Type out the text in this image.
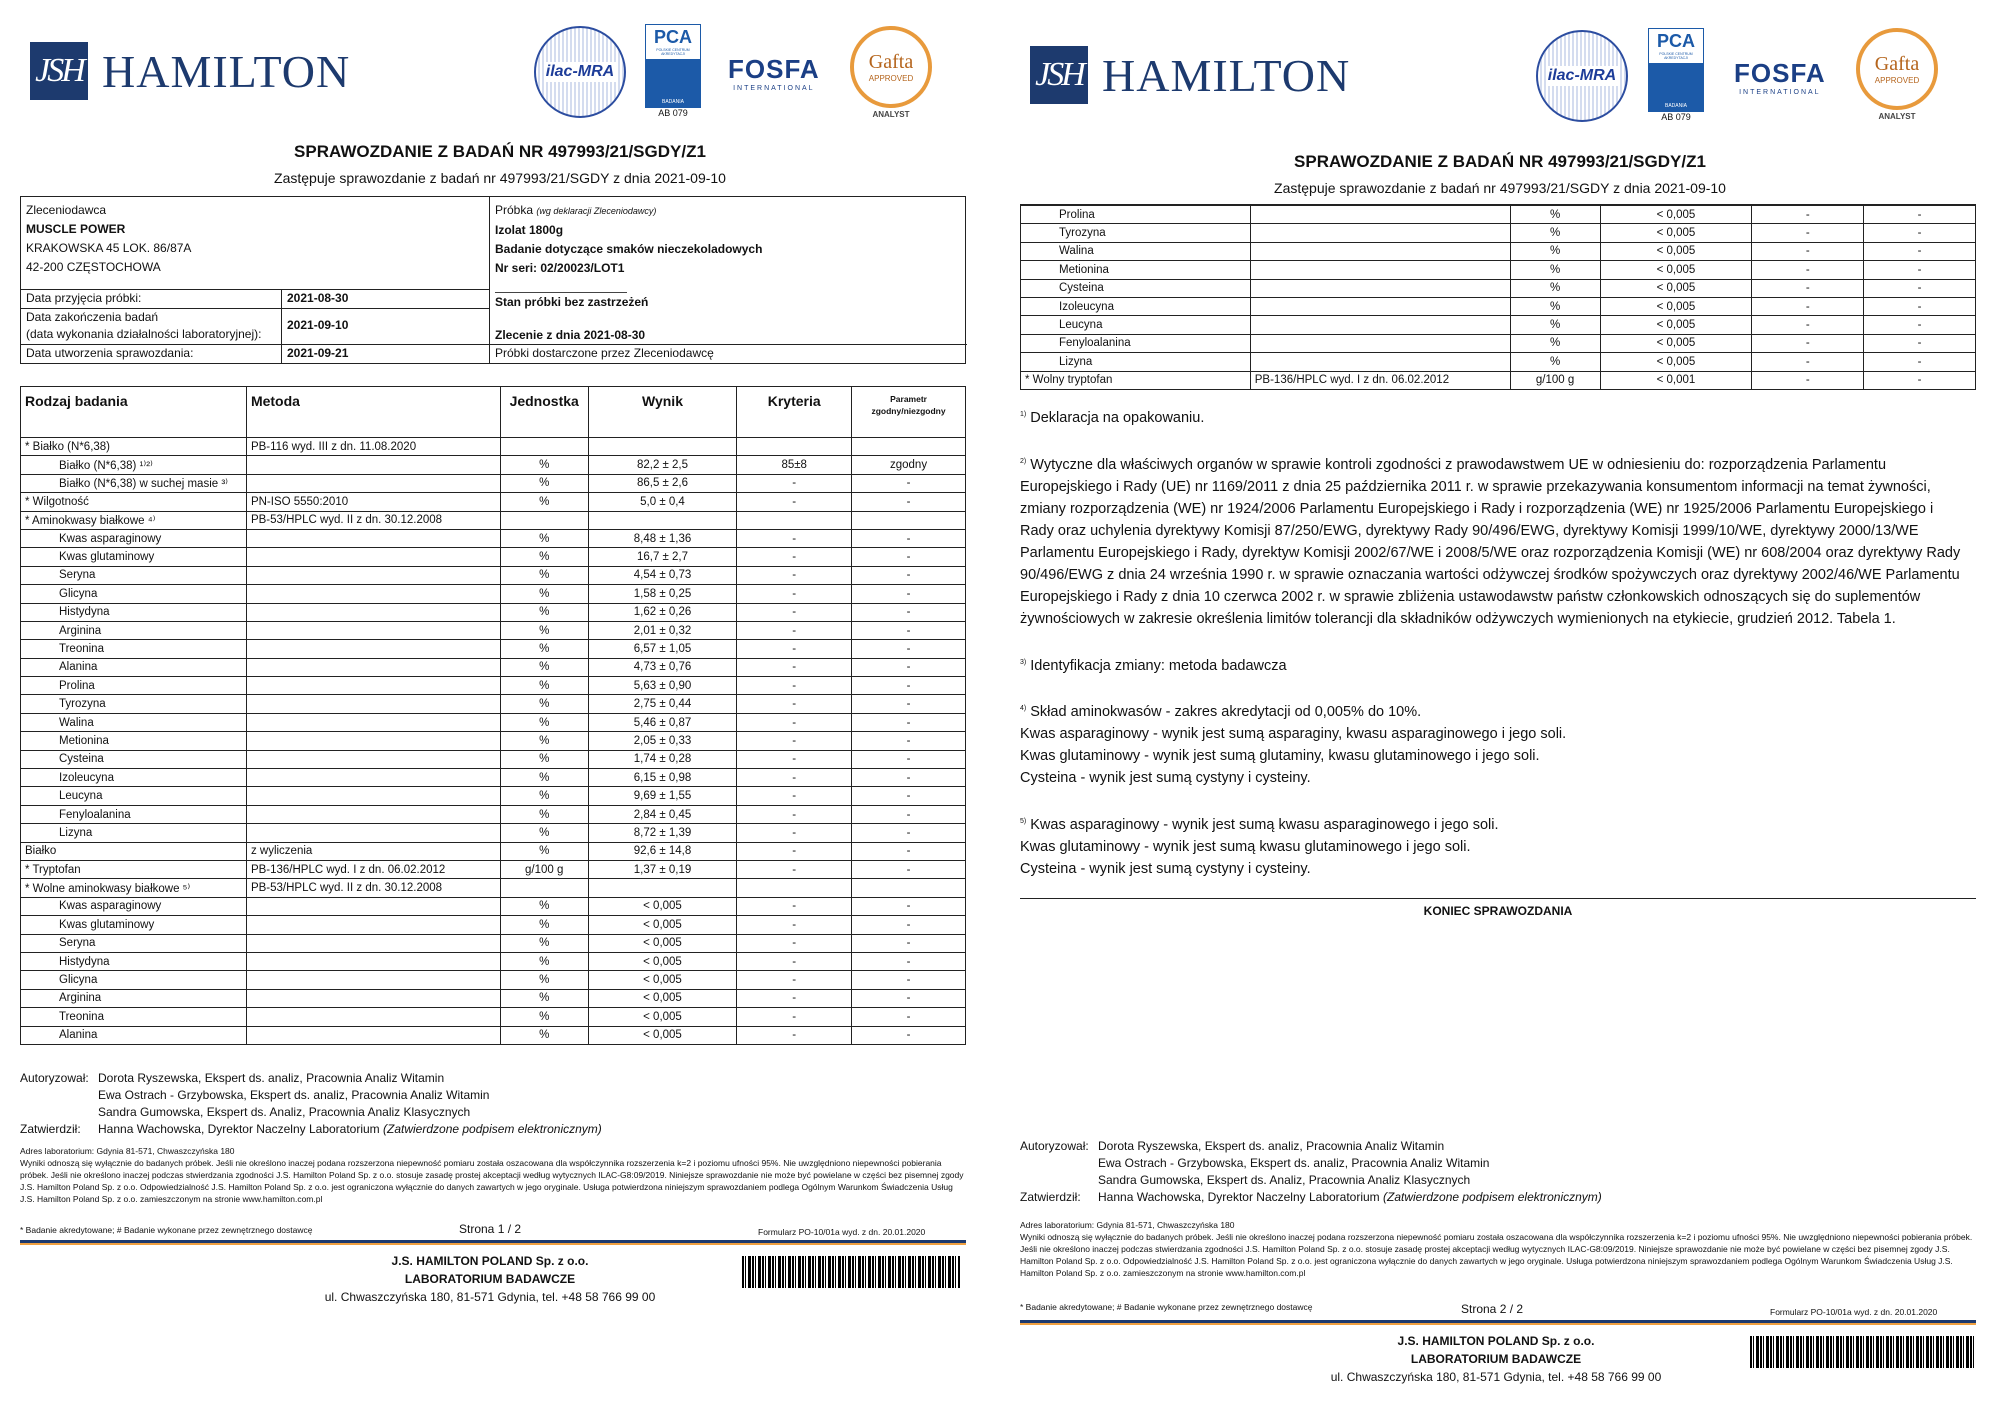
JSH HAMILTON	ilac-MRA
PCA
POLSKIE CENTRUM AKREDYTACJI
BADANIA
AB 079
FOSFA
INTERNATIONAL
Gafta
APPROVED
ANALYST
SPRAWOZDANIE Z BADAŃ NR 497993/21/SGDY/Z1
Zastępuje sprawozdanie z badań nr 497993/21/SGDY z dnia 2021-09-10
Zleceniodawca
MUSCLE POWER
KRAKOWSKA 45 LOK. 86/87A
42-200 CZĘSTOCHOWA
Data przyjęcia próbki:	2021-08-30
Data zakończenia badań
(data wykonania działalności laboratoryjnej):
2021-09-10
Data utworzenia sprawozdania:	2021-09-21
Próbka (wg deklaracji Zleceniodawcy)
Izolat 1800g
Badanie dotyczące smaków nieczekoladowych
Nr seri: 02/20023/LOT1
Stan próbki bez zastrzeżeń
Zlecenie z dnia 2021-08-30
Próbki dostarczone przez Zleceniodawcę
Rodzaj badania	Metoda	Jednostka	Wynik	Kryteria	Parametr
zgodny/niezgodny
* Białko (N*6,38)	PB-116 wyd. III z dn. 11.08.2020				
Białko (N*6,38) ¹⁾²⁾		%	82,2 ± 2,5	85±8	zgodny
Białko (N*6,38) w suchej masie ³⁾		%	86,5 ± 2,6	-	-
* Wilgotność	PN-ISO 5550:2010	%	5,0 ± 0,4	-	-
* Aminokwasy białkowe ⁴⁾	PB-53/HPLC wyd. II z dn. 30.12.2008				
Kwas asparaginowy		%	8,48 ± 1,36	-	-
Kwas glutaminowy		%	16,7 ± 2,7	-	-
Seryna		%	4,54 ± 0,73	-	-
Glicyna		%	1,58 ± 0,25	-	-
Histydyna		%	1,62 ± 0,26	-	-
Arginina		%	2,01 ± 0,32	-	-
Treonina		%	6,57 ± 1,05	-	-
Alanina		%	4,73 ± 0,76	-	-
Prolina		%	5,63 ± 0,90	-	-
Tyrozyna		%	2,75 ± 0,44	-	-
Walina		%	5,46 ± 0,87	-	-
Metionina		%	2,05 ± 0,33	-	-
Cysteina		%	1,74 ± 0,28	-	-
Izoleucyna		%	6,15 ± 0,98	-	-
Leucyna		%	9,69 ± 1,55	-	-
Fenyloalanina		%	2,84 ± 0,45	-	-
Lizyna		%	8,72 ± 1,39	-	-
Białko	z wyliczenia	%	92,6 ± 14,8	-	-
* Tryptofan	PB-136/HPLC wyd. I z dn. 06.02.2012	g/100 g	1,37 ± 0,19	-	-
* Wolne aminokwasy białkowe ⁵⁾	PB-53/HPLC wyd. II z dn. 30.12.2008				
Kwas asparaginowy		%	< 0,005	-	-
Kwas glutaminowy		%	< 0,005	-	-
Seryna		%	< 0,005	-	-
Histydyna		%	< 0,005	-	-
Glicyna		%	< 0,005	-	-
Arginina		%	< 0,005	-	-
Treonina		%	< 0,005	-	-
Alanina		%	< 0,005	-	-
Autoryzował: Dorota Ryszewska, Ekspert ds. analiz, Pracownia Analiz Witamin
Ewa Ostrach - Grzybowska, Ekspert ds. analiz, Pracownia Analiz Witamin
Sandra Gumowska, Ekspert ds. Analiz, Pracownia Analiz Klasycznych
Zatwierdził: Hanna Wachowska, Dyrektor Naczelny Laboratorium (Zatwierdzone podpisem elektronicznym)
Adres laboratorium: Gdynia 81-571, Chwaszczyńska 180
Wyniki odnoszą się wyłącznie do badanych próbek. Jeśli nie określono inaczej podana rozszerzona niepewność pomiaru została oszacowana dla współczynnika rozszerzenia k=2 i poziomu ufności 95%. Nie uwzględniono niepewności pobierania próbek. Jeśli nie określono inaczej podczas stwierdzania zgodności J.S. Hamilton Poland Sp. z o.o. stosuje zasadę prostej akceptacji według wytycznych ILAC-G8:09/2019. Niniejsze sprawozdanie nie może być powielane w części bez pisemnej zgody J.S. Hamilton Poland Sp. z o.o. Odpowiedzialność J.S. Hamilton Poland Sp. z o.o. jest ograniczona wyłącznie do danych zawartych w jego oryginale. Usługa potwierdzona niniejszym sprawozdaniem podlega Ogólnym Warunkom Świadczenia Usług J.S. Hamilton Poland Sp. z o.o. zamieszczonym na stronie www.hamilton.com.pl
* Badanie akredytowane; # Badanie wykonane przez zewnętrznego dostawcę	Strona 1 / 2	Formularz PO-10/01a wyd. z dn. 20.01.2020
J.S. HAMILTON POLAND Sp. z o.o.
LABORATORIUM BADAWCZE
ul. Chwaszczyńska 180, 81-571 Gdynia, tel. +48 58 766 99 00
JSH HAMILTON	ilac-MRA
PCA
POLSKIE CENTRUM AKREDYTACJI
BADANIA
AB 079
FOSFA
INTERNATIONAL
Gafta
APPROVED
ANALYST
SPRAWOZDANIE Z BADAŃ NR 497993/21/SGDY/Z1
Zastępuje sprawozdanie z badań nr 497993/21/SGDY z dnia 2021-09-10
Prolina		%	< 0,005	-	-
Tyrozyna		%	< 0,005	-	-
Walina		%	< 0,005	-	-
Metionina		%	< 0,005	-	-
Cysteina		%	< 0,005	-	-
Izoleucyna		%	< 0,005	-	-
Leucyna		%	< 0,005	-	-
Fenyloalanina		%	< 0,005	-	-
Lizyna		%	< 0,005	-	-
* Wolny tryptofan	PB-136/HPLC wyd. I z dn. 06.02.2012	g/100 g	< 0,001	-	-
$^{1)}$ Deklaracja na opakowaniu.
$^{2)}$ Wytyczne dla właściwych organów w sprawie kontroli zgodności z prawodawstwem UE w odniesieniu do: rozporządzenia Parlamentu Europejskiego i Rady (UE) nr 1169/2011 z dnia 25 października 2011 r. w sprawie przekazywania konsumentom informacji na temat żywności, zmiany rozporządzenia (WE) nr 1924/2006 Parlamentu Europejskiego i Rady i rozporządzenia (WE) nr 1925/2006 Parlamentu Europejskiego i Rady oraz uchylenia dyrektywy Komisji 87/250/EWG, dyrektywy Rady 90/496/EWG, dyrektywy Komisji 1999/10/WE, dyrektywy 2000/13/WE Parlamentu Europejskiego i Rady, dyrektyw Komisji 2002/67/WE i 2008/5/WE oraz rozporządzenia Komisji (WE) nr 608/2004 oraz dyrektywy Rady 90/496/EWG z dnia 24 września 1990 r. w sprawie oznaczania wartości odżywczej środków spożywczych oraz dyrektywy 2002/46/WE Parlamentu Europejskiego i Rady z dnia 10 czerwca 2002 r. w sprawie zbliżenia ustawodawstw państw członkowskich odnoszących się do suplementów żywnościowych w zakresie określenia limitów tolerancji dla składników odżywczych wymienionych na etykiecie, grudzień 2012. Tabela 1.
$^{3)}$ Identyfikacja zmiany: metoda badawcza
$^{4)}$ Skład aminokwasów - zakres akredytacji od 0,005% do 10%.
Kwas asparaginowy - wynik jest sumą asparaginy, kwasu asparaginowego i jego soli.
Kwas glutaminowy - wynik jest sumą glutaminy, kwasu glutaminowego i jego soli.
Cysteina - wynik jest sumą cystyny i cysteiny.
$^{5)}$ Kwas asparaginowy - wynik jest sumą kwasu asparaginowego i jego soli.
Kwas glutaminowy - wynik jest sumą kwasu glutaminowego i jego soli.
Cysteina - wynik jest sumą cystyny i cysteiny.
KONIEC SPRAWOZDANIA
Autoryzował: Dorota Ryszewska, Ekspert ds. analiz, Pracownia Analiz Witamin
Ewa Ostrach - Grzybowska, Ekspert ds. analiz, Pracownia Analiz Witamin
Sandra Gumowska, Ekspert ds. Analiz, Pracownia Analiz Klasycznych
Zatwierdził: Hanna Wachowska, Dyrektor Naczelny Laboratorium (Zatwierdzone podpisem elektronicznym)
Adres laboratorium: Gdynia 81-571, Chwaszczyńska 180
Wyniki odnoszą się wyłącznie do badanych próbek. Jeśli nie określono inaczej podana rozszerzona niepewność pomiaru została oszacowana dla współczynnika rozszerzenia k=2 i poziomu ufności 95%. Nie uwzględniono niepewności pobierania próbek. Jeśli nie określono inaczej podczas stwierdzania zgodności J.S. Hamilton Poland Sp. z o.o. stosuje zasadę prostej akceptacji według wytycznych ILAC-G8:09/2019. Niniejsze sprawozdanie nie może być powielane w części bez pisemnej zgody J.S. Hamilton Poland Sp. z o.o. Odpowiedzialność J.S. Hamilton Poland Sp. z o.o. jest ograniczona wyłącznie do danych zawartych w jego oryginale. Usługa potwierdzona niniejszym sprawozdaniem podlega Ogólnym Warunkom Świadczenia Usług J.S. Hamilton Poland Sp. z o.o. zamieszczonym na stronie www.hamilton.com.pl
* Badanie akredytowane; # Badanie wykonane przez zewnętrznego dostawcę	Strona 2 / 2	Formularz PO-10/01a wyd. z dn. 20.01.2020
J.S. HAMILTON POLAND Sp. z o.o.
LABORATORIUM BADAWCZE
ul. Chwaszczyńska 180, 81-571 Gdynia, tel. +48 58 766 99 00
